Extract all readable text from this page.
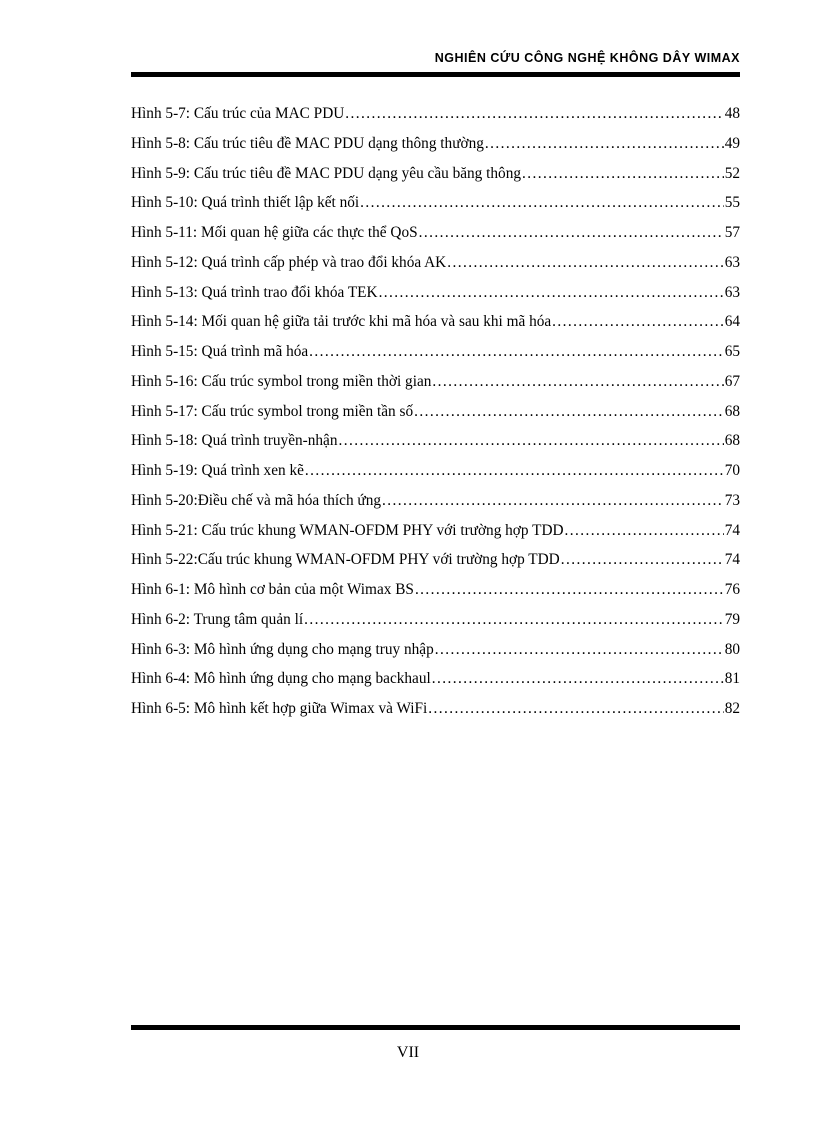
NGHIÊN CỨU CÔNG NGHỆ KHÔNG DÂY WIMAX
Hình 5-7: Cấu trúc của MAC PDU . . .	48
Hình 5-8: Cấu trúc tiêu đề MAC PDU dạng thông thường . . .	49
Hình 5-9: Cấu trúc tiêu đề MAC PDU dạng yêu cầu băng thông . . .	52
Hình 5-10: Quá trình thiết lập kết nối . . .	55
Hình 5-11: Mối quan hệ giữa các thực thể QoS . . .	57
Hình 5-12: Quá trình cấp phép và trao đổi khóa AK . . .	63
Hình 5-13: Quá trình trao đổi khóa TEK . . .	63
Hình 5-14: Mối quan hệ giữa tải trước khi mã hóa và sau khi mã hóa . . .	64
Hình 5-15: Quá trình mã hóa . . .	65
Hình 5-16: Cấu trúc symbol trong miền thời gian . . .	67
Hình 5-17: Cấu trúc symbol trong miền tần số . . .	68
Hình 5-18: Quá trình truyền-nhận . . .	68
Hình 5-19: Quá trình xen kẽ . . .	70
Hình 5-20:Điều chế và mã hóa thích ứng . . .	73
Hình 5-21: Cấu trúc khung WMAN-OFDM PHY với trường hợp TDD . . .	74
Hình 5-22:Cấu trúc khung WMAN-OFDM PHY với trường hợp TDD . . .	74
Hình 6-1: Mô hình cơ bản của một Wimax BS . . .	76
Hình 6-2: Trung tâm quản lí . . .	79
Hình 6-3: Mô hình ứng dụng cho mạng truy nhập . . .	80
Hình 6-4: Mô hình ứng dụng cho mạng backhaul . . .	81
Hình 6-5: Mô hình kết hợp giữa Wimax và WiFi . . .	82
VII
